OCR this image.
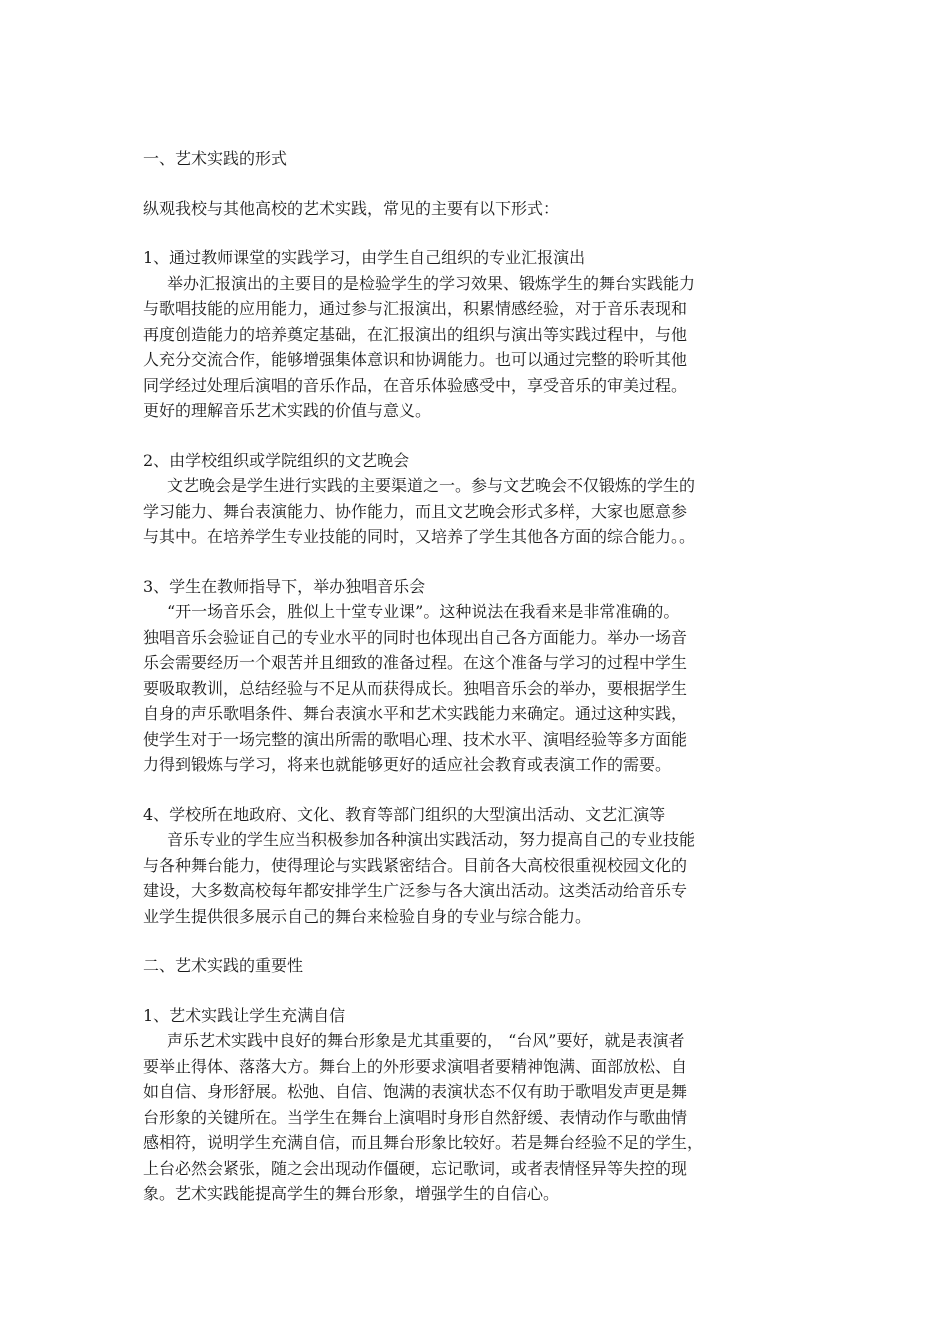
一、艺术实践的形式
纵观我校与其他高校的艺术实践，常见的主要有以下形式：
1、通过教师课堂的实践学习，由学生自己组织的专业汇报演出
举办汇报演出的主要目的是检验学生的学习效果、锻炼学生的舞台实践能力
与歌唱技能的应用能力，通过参与汇报演出，积累情感经验，对于音乐表现和
再度创造能力的培养奠定基础，在汇报演出的组织与演出等实践过程中，与他
人充分交流合作，能够增强集体意识和协调能力。也可以通过完整的聆听其他
同学经过处理后演唱的音乐作品，在音乐体验感受中，享受音乐的审美过程。
更好的理解音乐艺术实践的价值与意义。
2、由学校组织或学院组织的文艺晚会
文艺晚会是学生进行实践的主要渠道之一。参与文艺晚会不仅锻炼的学生的
学习能力、舞台表演能力、协作能力，而且文艺晚会形式多样，大家也愿意参
与其中。在培养学生专业技能的同时，又培养了学生其他各方面的综合能力。。
3、学生在教师指导下，举办独唱音乐会
“开一场音乐会，胜似上十堂专业课”。这种说法在我看来是非常准确的。
独唱音乐会验证自己的专业水平的同时也体现出自己各方面能力。举办一场音
乐会需要经历一个艰苦并且细致的准备过程。在这个准备与学习的过程中学生
要吸取教训，总结经验与不足从而获得成长。独唱音乐会的举办，要根据学生
自身的声乐歌唱条件、舞台表演水平和艺术实践能力来确定。通过这种实践，
使学生对于一场完整的演出所需的歌唱心理、技术水平、演唱经验等多方面能
力得到锻炼与学习，将来也就能够更好的适应社会教育或表演工作的需要。
4、学校所在地政府、文化、教育等部门组织的大型演出活动、文艺汇演等
音乐专业的学生应当积极参加各种演出实践活动，努力提高自己的专业技能
与各种舞台能力，使得理论与实践紧密结合。目前各大高校很重视校园文化的
建设，大多数高校每年都安排学生广泛参与各大演出活动。这类活动给音乐专
业学生提供很多展示自己的舞台来检验自身的专业与综合能力。
二、艺术实践的重要性
1、艺术实践让学生充满自信
声乐艺术实践中良好的舞台形象是尤其重要的， “台风”要好，就是表演者
要举止得体、落落大方。舞台上的外形要求演唱者要精神饱满、面部放松、自
如自信、身形舒展。松弛、自信、饱满的表演状态不仅有助于歌唱发声更是舞
台形象的关键所在。当学生在舞台上演唱时身形自然舒缓、表情动作与歌曲情
感相符，说明学生充满自信，而且舞台形象比较好。若是舞台经验不足的学生，
上台必然会紧张，随之会出现动作僵硬，忘记歌词，或者表情怪异等失控的现
象。艺术实践能提高学生的舞台形象，增强学生的自信心。
